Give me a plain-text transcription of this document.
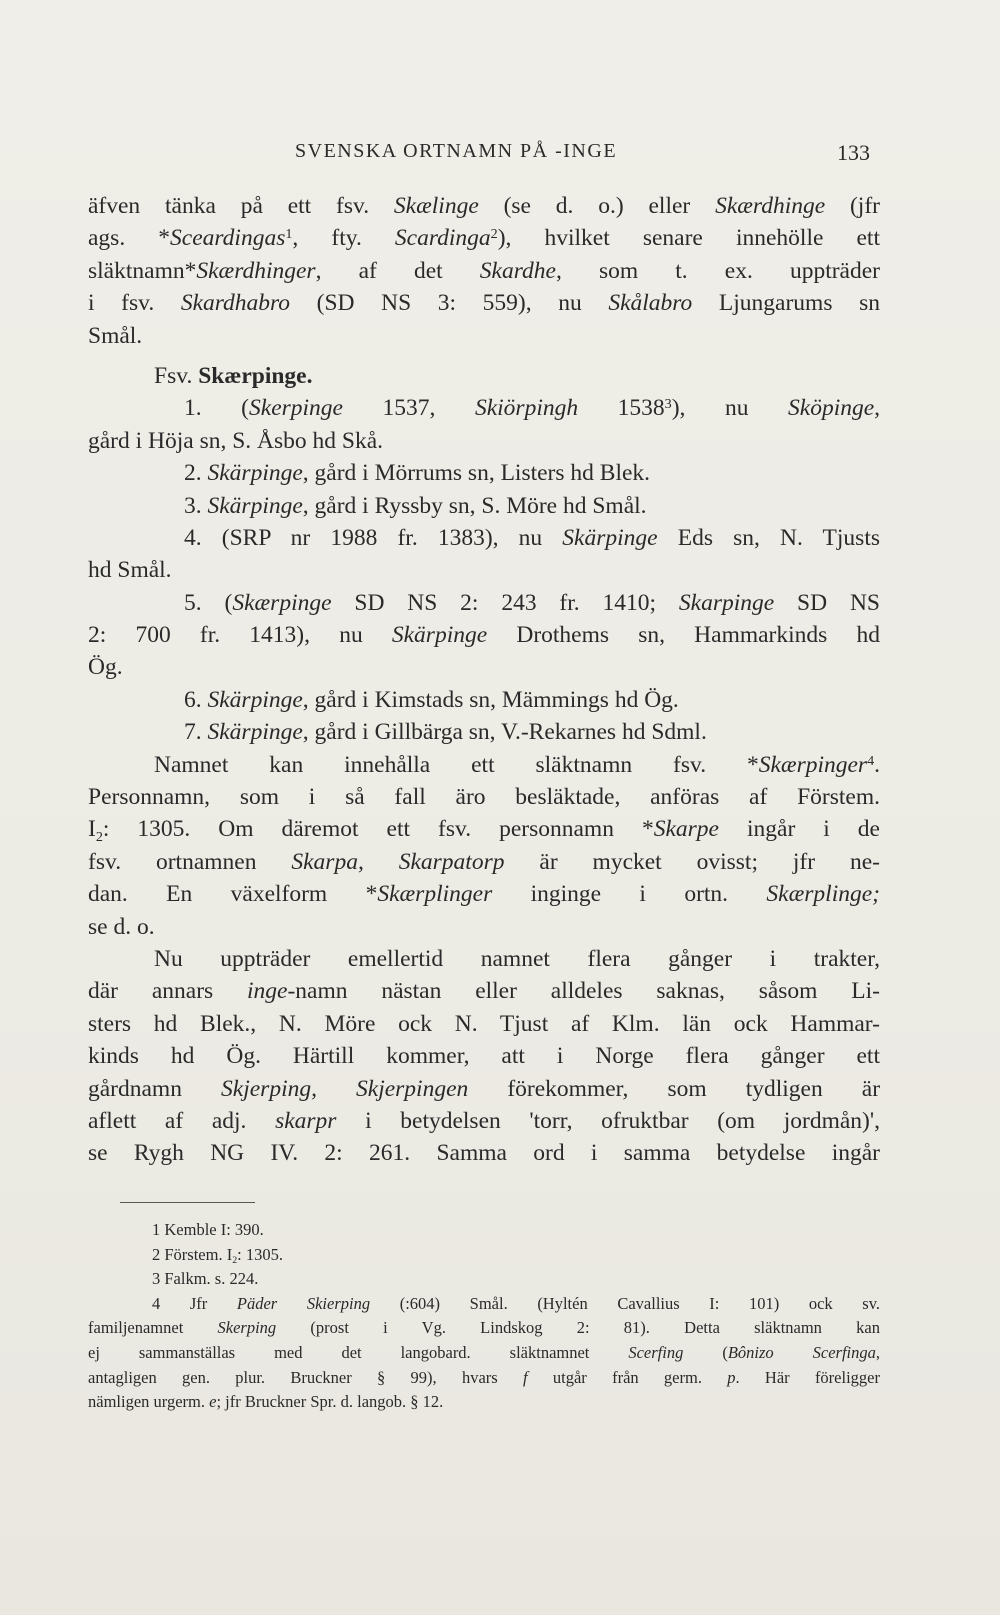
SVENSKA ORTNAMN PÅ -INGE	133
äfven tänka på ett fsv. Skælinge (se d. o.) eller Skærdhinge (jfr
ags. *Sceardingas$^1$, fty. Scardinga$^2$), hvilket senare innehölle ett
släktnamn*Skærdhinger, af det Skardhe, som t. ex. uppträder
i fsv. Skardhabro (SD NS 3: 559), nu Skålabro Ljungarums sn
Smål.
Fsv. Skærpinge.
1. (Skerpinge 1537, Skiörpingh 1538$^3$), nu Sköpinge,
gård i Höja sn, S. Åsbo hd Skå.
2. Skärpinge, gård i Mörrums sn, Listers hd Blek.
3. Skärpinge, gård i Ryssby sn, S. Möre hd Smål.
4. (SRP nr 1988 fr. 1383), nu Skärpinge Eds sn, N. Tjusts
hd Smål.
5. (Skærpinge SD NS 2: 243 fr. 1410; Skarpinge SD NS
2: 700 fr. 1413), nu Skärpinge Drothems sn, Hammarkinds hd
Ög.
6. Skärpinge, gård i Kimstads sn, Mämmings hd Ög.
7. Skärpinge, gård i Gillbärga sn, V.-Rekarnes hd Sdml.
Namnet kan innehålla ett släktnamn fsv. *Skærpinger$^4$.
Personnamn, som i så fall äro besläktade, anföras af Förstem.
$I_2$: 1305. Om däremot ett fsv. personnamn *Skarpe ingår i de
fsv. ortnamnen Skarpa, Skarpatorp är mycket ovisst; jfr ne-
dan. En växelform *Skærplinger inginge i ortn. Skærplinge;
se d. o.
Nu uppträder emellertid namnet flera gånger i trakter,
där annars inge-namn nästan eller alldeles saknas, såsom Li-
sters hd Blek., N. Möre ock N. Tjust af Klm. län ock Hammar-
kinds hd Ög. Härtill kommer, att i Norge flera gånger ett
gårdnamn Skjerping, Skjerpingen förekommer, som tydligen är
aflett af adj. skarpr i betydelsen 'torr, ofruktbar (om jordmån)',
se Rygh NG IV. 2: 261. Samma ord i samma betydelse ingår
1 Kemble I: 390.
2 Förstem. $I_2$: 1305.
3 Falkm. s. 224.
4 Jfr Päder Skierping (:604) Smål. (Hyltén Cavallius I: 101) ock sv.
familjenamnet Skerping (prost i Vg. Lindskog 2: 81). Detta släktnamn kan
ej sammanställas med det langobard. släktnamnet Scerfing (Bônizo Scerfinga,
antagligen gen. plur. Bruckner § 99), hvars f utgår från germ. p. Här föreligger
nämligen urgerm. e; jfr Bruckner Spr. d. langob. § 12.
